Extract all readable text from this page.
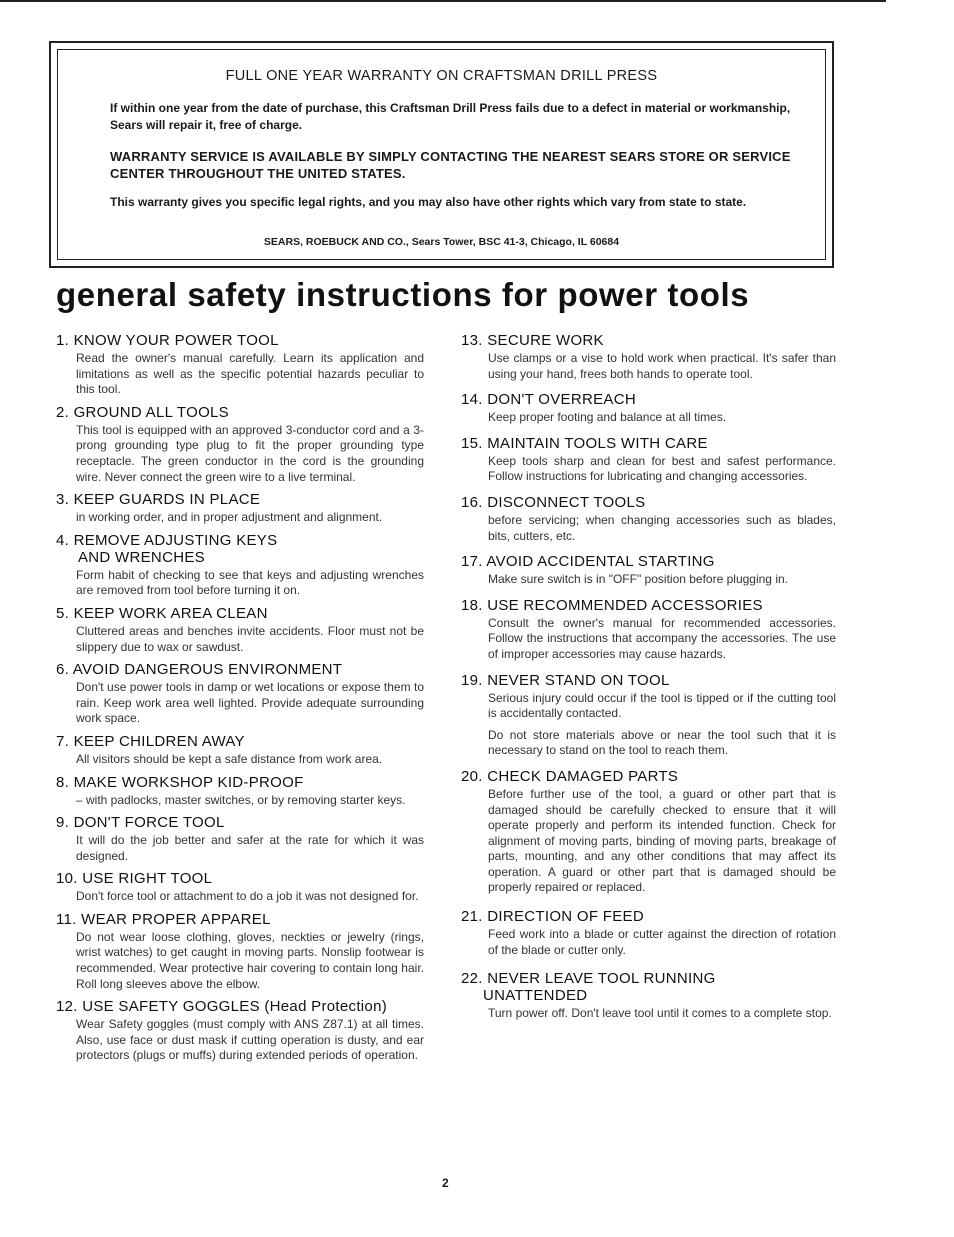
FULL ONE YEAR WARRANTY ON CRAFTSMAN DRILL PRESS

If within one year from the date of purchase, this Craftsman Drill Press fails due to a defect in material or workmanship, Sears will repair it, free of charge.

WARRANTY SERVICE IS AVAILABLE BY SIMPLY CONTACTING THE NEAREST SEARS STORE OR SERVICE CENTER THROUGHOUT THE UNITED STATES.

This warranty gives you specific legal rights, and you may also have other rights which vary from state to state.

SEARS, ROEBUCK AND CO., Sears Tower, BSC 41-3, Chicago, IL 60684
general safety instructions for power tools
1. KNOW YOUR POWER TOOL
Read the owner's manual carefully. Learn its application and limitations as well as the specific potential hazards peculiar to this tool.
2. GROUND ALL TOOLS
This tool is equipped with an approved 3-conductor cord and a 3-prong grounding type plug to fit the proper grounding type receptacle. The green conductor in the cord is the grounding wire. Never connect the green wire to a live terminal.
3. KEEP GUARDS IN PLACE
in working order, and in proper adjustment and alignment.
4. REMOVE ADJUSTING KEYS
AND WRENCHES
Form habit of checking to see that keys and adjusting wrenches are removed from tool before turning it on.
5. KEEP WORK AREA CLEAN
Cluttered areas and benches invite accidents. Floor must not be slippery due to wax or sawdust.
6. AVOID DANGEROUS ENVIRONMENT
Don't use power tools in damp or wet locations or expose them to rain. Keep work area well lighted. Provide adequate surrounding work space.
7. KEEP CHILDREN AWAY
All visitors should be kept a safe distance from work area.
8. MAKE WORKSHOP KID-PROOF
– with padlocks, master switches, or by removing starter keys.
9. DON'T FORCE TOOL
It will do the job better and safer at the rate for which it was designed.
10. USE RIGHT TOOL
Don't force tool or attachment to do a job it was not designed for.
11. WEAR PROPER APPAREL
Do not wear loose clothing, gloves, neckties or jewelry (rings, wrist watches) to get caught in moving parts. Nonslip footwear is recommended. Wear protective hair covering to contain long hair. Roll long sleeves above the elbow.
12. USE SAFETY GOGGLES (Head Protection)
Wear Safety goggles (must comply with ANS Z87.1) at all times. Also, use face or dust mask if cutting operation is dusty, and ear protectors (plugs or muffs) during extended periods of operation.
13. SECURE WORK
Use clamps or a vise to hold work when practical. It's safer than using your hand, frees both hands to operate tool.
14. DON'T OVERREACH
Keep proper footing and balance at all times.
15. MAINTAIN TOOLS WITH CARE
Keep tools sharp and clean for best and safest performance. Follow instructions for lubricating and changing accessories.
16. DISCONNECT TOOLS
before servicing; when changing accessories such as blades, bits, cutters, etc.
17. AVOID ACCIDENTAL STARTING
Make sure switch is in "OFF" position before plugging in.
18. USE RECOMMENDED ACCESSORIES
Consult the owner's manual for recommended accessories. Follow the instructions that accompany the accessories. The use of improper accessories may cause hazards.
19. NEVER STAND ON TOOL
Serious injury could occur if the tool is tipped or if the cutting tool is accidentally contacted.
Do not store materials above or near the tool such that it is necessary to stand on the tool to reach them.
20. CHECK DAMAGED PARTS
Before further use of the tool, a guard or other part that is damaged should be carefully checked to ensure that it will operate properly and perform its intended function. Check for alignment of moving parts, binding of moving parts, breakage of parts, mounting, and any other conditions that may affect its operation. A guard or other part that is damaged should be properly repaired or replaced.
21. DIRECTION OF FEED
Feed work into a blade or cutter against the direction of rotation of the blade or cutter only.
22. NEVER LEAVE TOOL RUNNING
UNATTENDED
Turn power off. Don't leave tool until it comes to a complete stop.
2
